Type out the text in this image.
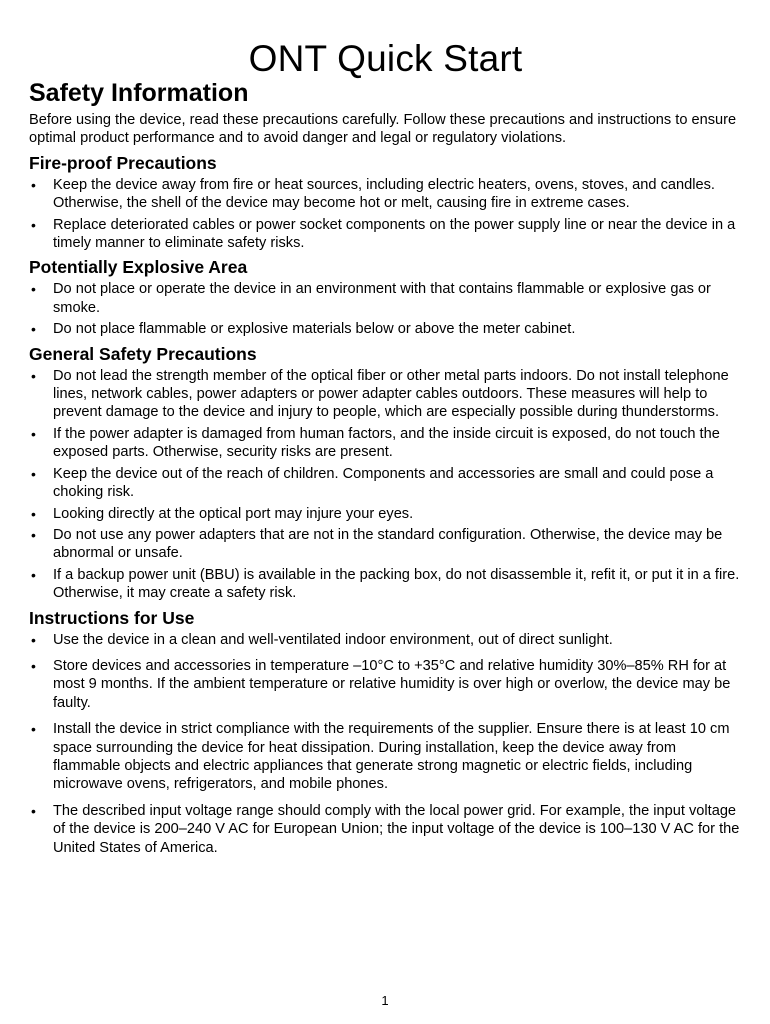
ONT Quick Start
Safety Information

Before using the device, read these precautions carefully. Follow these precautions and instructions to ensure optimal product performance and to avoid danger and legal or regulatory violations.

Fire-proof Precautions
• Keep the device away from fire or heat sources, including electric heaters, ovens, stoves, and candles. Otherwise, the shell of the device may become hot or melt, causing fire in extreme cases.
• Replace deteriorated cables or power socket components on the power supply line or near the device in a timely manner to eliminate safety risks.
Potentially Explosive Area
• Do not place or operate the device in an environment with that contains flammable or explosive gas or smoke.
• Do not place flammable or explosive materials below or above the meter cabinet.
General Safety Precautions
• Do not lead the strength member of the optical fiber or other metal parts indoors. Do not install telephone lines, network cables, power adapters or power adapter cables outdoors. These measures will help to prevent damage to the device and injury to people, which are especially possible during thunderstorms.
• If the power adapter is damaged from human factors, and the inside circuit is exposed, do not touch the exposed parts. Otherwise, security risks are present.
• Keep the device out of the reach of children. Components and accessories are small and could pose a choking risk.
• Looking directly at the optical port may injure your eyes.
• Do not use any power adapters that are not in the standard configuration. Otherwise, the device may be abnormal or unsafe.
• If a backup power unit (BBU) is available in the packing box, do not disassemble it, refit it, or put it in a fire. Otherwise, it may create a safety risk.
Instructions for Use
• Use the device in a clean and well-ventilated indoor environment, out of direct sunlight.
• Store devices and accessories in temperature –10°C to +35°C and relative humidity 30%–85% RH for at most 9 months. If the ambient temperature or relative humidity is over high or overlow, the device may be faulty.
• Install the device in strict compliance with the requirements of the supplier. Ensure there is at least 10 cm space surrounding the device for heat dissipation. During installation, keep the device away from flammable objects and electric appliances that generate strong magnetic or electric fields, including microwave ovens, refrigerators, and mobile phones.
• The described input voltage range should comply with the local power grid. For example, the input voltage of the device is 200–240 V AC for European Union; the input voltage of the device is 100–130 V AC for the United States of America.
1
